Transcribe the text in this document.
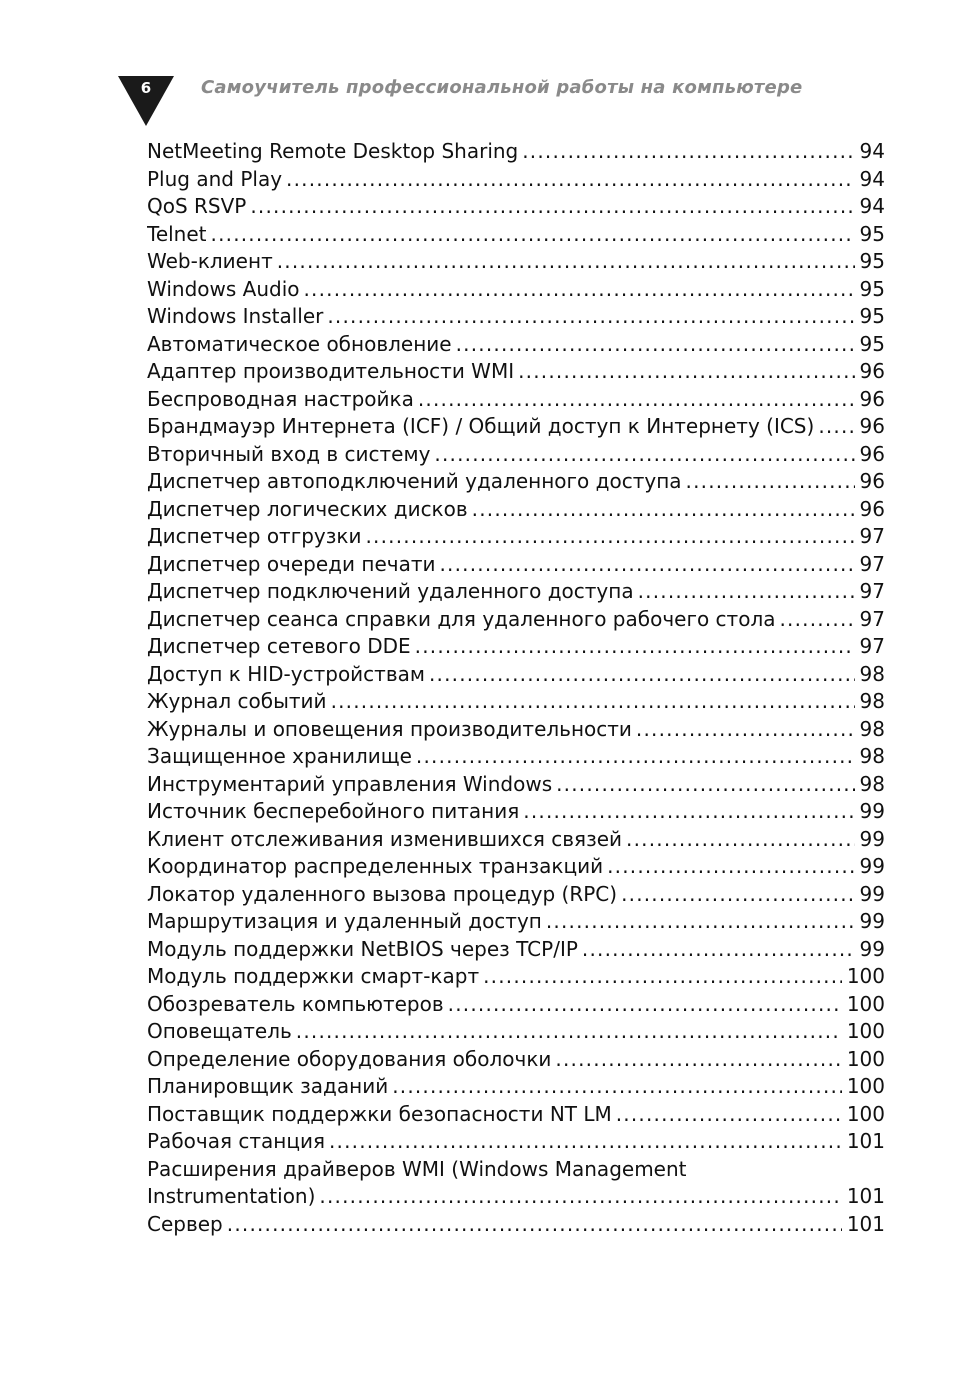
6	Самоучитель профессиональной работы на компьютере
NetMeeting Remote Desktop Sharing .....	94
Plug and Play .....	94
QoS RSVP .....	94
Telnet .....	95
Web-клиент .....	95
Windows Audio .....	95
Windows Installer .....	95
Автоматическое обновление .....	95
Адаптер производительности WMI .....	96
Беспроводная настройка .....	96
Брандмауэр Интернета (ICF) / Общий доступ к Интернету (ICS) ..... 96
Вторичный вход в систему .....	96
Диспетчер автоподключений удаленного доступа .....	96
Диспетчер логических дисков .....	96
Диспетчер отгрузки .....	97
Диспетчер очереди печати .....	97
Диспетчер подключений удаленного доступа .....	97
Диспетчер сеанса справки для удаленного рабочего стола .....	97
Диспетчер сетевого DDE .....	97
Доступ к HID-устройствам .....	98
Журнал событий .....	98
Журналы и оповещения производительности .....	98
Защищенное хранилище .....	98
Инструментарий управления Windows .....	98
Источник бесперебойного питания .....	99
Клиент отслеживания изменившихся связей .....	99
Координатор распределенных транзакций .....	99
Локатор удаленного вызова процедур (RPC) .....	99
Маршрутизация и удаленный доступ .....	99
Модуль поддержки NetBIOS через TCP/IP .....	99
Модуль поддержки смарт-карт .....	100
Обозреватель компьютеров .....	100
Оповещатель .....	100
Определение оборудования оболочки .....	100
Планировщик заданий .....	100
Поставщик поддержки безопасности NT LM .....	100
Рабочая станция .....	101
Расширения драйверов WMI (Windows Management
Instrumentation) .....	101
Сервер .....	101
